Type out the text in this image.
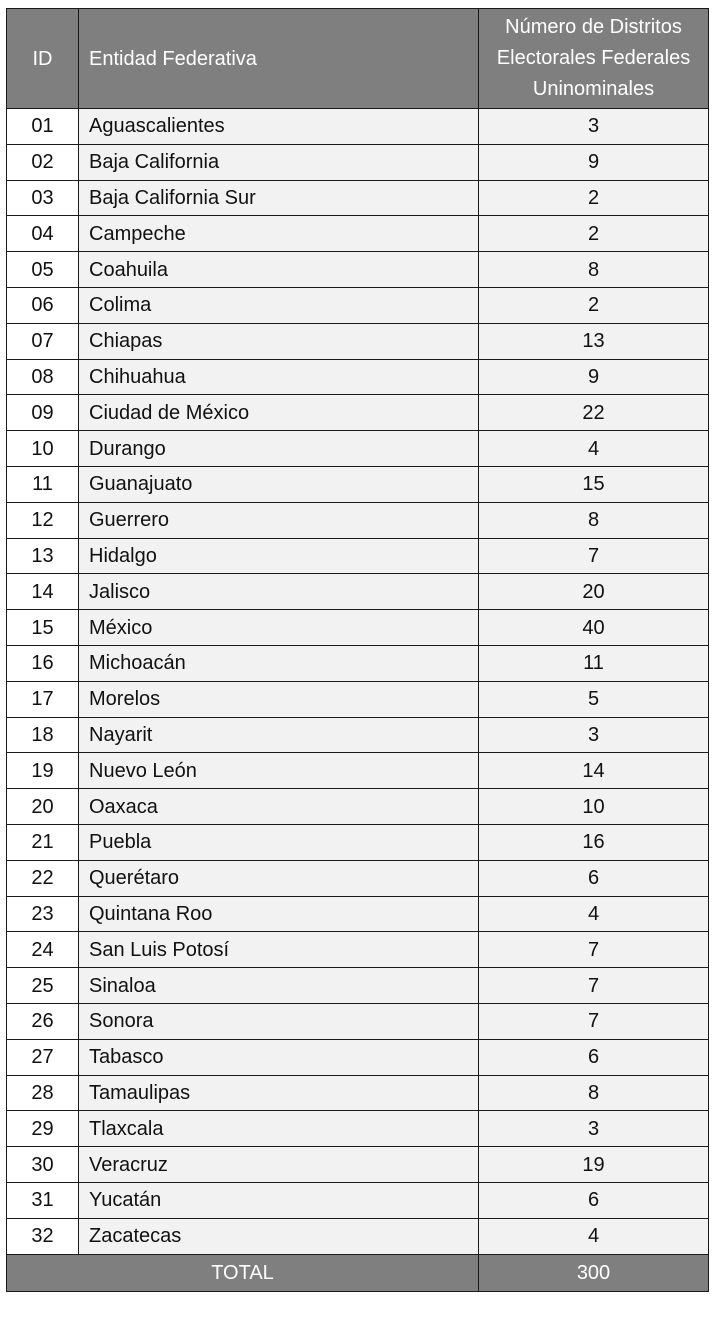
ID	Entidad Federativa	Número de Distritos
Electorales Federales
Uninominales
01	Aguascalientes	3
02	Baja California	9
03	Baja California Sur	2
04	Campeche	2
05	Coahuila	8
06	Colima	2
07	Chiapas	13
08	Chihuahua	9
09	Ciudad de México	22
10	Durango	4
11	Guanajuato	15
12	Guerrero	8
13	Hidalgo	7
14	Jalisco	20
15	México	40
16	Michoacán	11
17	Morelos	5
18	Nayarit	3
19	Nuevo León	14
20	Oaxaca	10
21	Puebla	16
22	Querétaro	6
23	Quintana Roo	4
24	San Luis Potosí	7
25	Sinaloa	7
26	Sonora	7
27	Tabasco	6
28	Tamaulipas	8
29	Tlaxcala	3
30	Veracruz	19
31	Yucatán	6
32	Zacatecas	4
TOTAL		300
